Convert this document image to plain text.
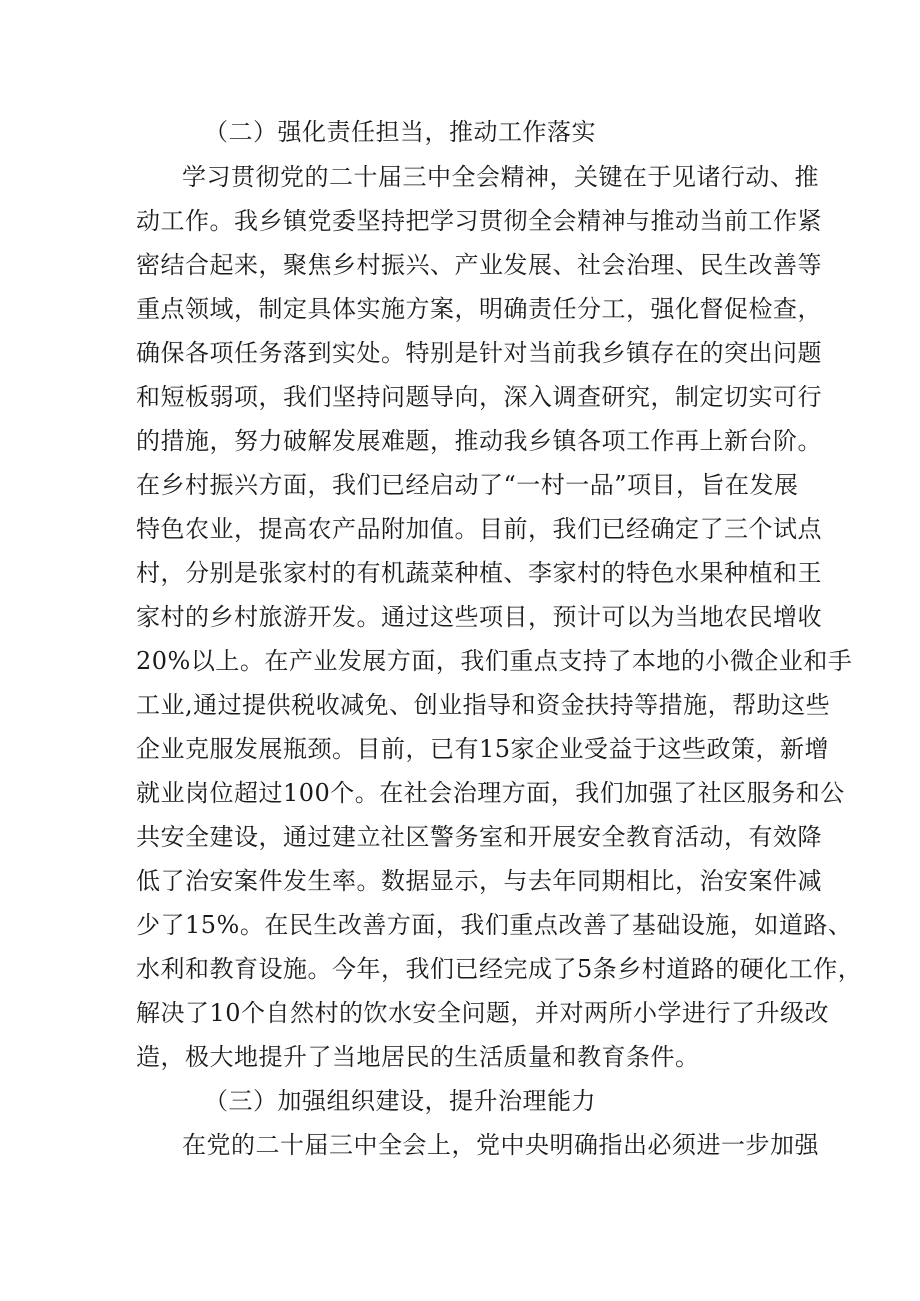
（二）强化责任担当，推动工作落实
学习贯彻党的二十届三中全会精神，关键在于见诸行动、推
动工作。我乡镇党委坚持把学习贯彻全会精神与推动当前工作紧
密结合起来，聚焦乡村振兴、产业发展、社会治理、民生改善等
重点领域，制定具体实施方案，明确责任分工，强化督促检查，
确保各项任务落到实处。特别是针对当前我乡镇存在的突出问题
和短板弱项，我们坚持问题导向，深入调查研究，制定切实可行
的措施，努力破解发展难题，推动我乡镇各项工作再上新台阶。
在乡村振兴方面，我们已经启动了“一村一品”项目，旨在发展
特色农业，提高农产品附加值。目前，我们已经确定了三个试点
村，分别是张家村的有机蔬菜种植、李家村的特色水果种植和王
家村的乡村旅游开发。通过这些项目，预计可以为当地农民增收
20%以上。在产业发展方面，我们重点支持了本地的小微企业和手
工业,通过提供税收减免、创业指导和资金扶持等措施，帮助这些
企业克服发展瓶颈。目前，已有15家企业受益于这些政策，新增
就业岗位超过100个。在社会治理方面，我们加强了社区服务和公
共安全建设，通过建立社区警务室和开展安全教育活动，有效降
低了治安案件发生率。数据显示，与去年同期相比，治安案件减
少了15%。在民生改善方面，我们重点改善了基础设施，如道路、
水利和教育设施。今年，我们已经完成了5条乡村道路的硬化工作，
解决了10个自然村的饮水安全问题，并对两所小学进行了升级改
造，极大地提升了当地居民的生活质量和教育条件。
（三）加强组织建设，提升治理能力
在党的二十届三中全会上，党中央明确指出必须进一步加强
